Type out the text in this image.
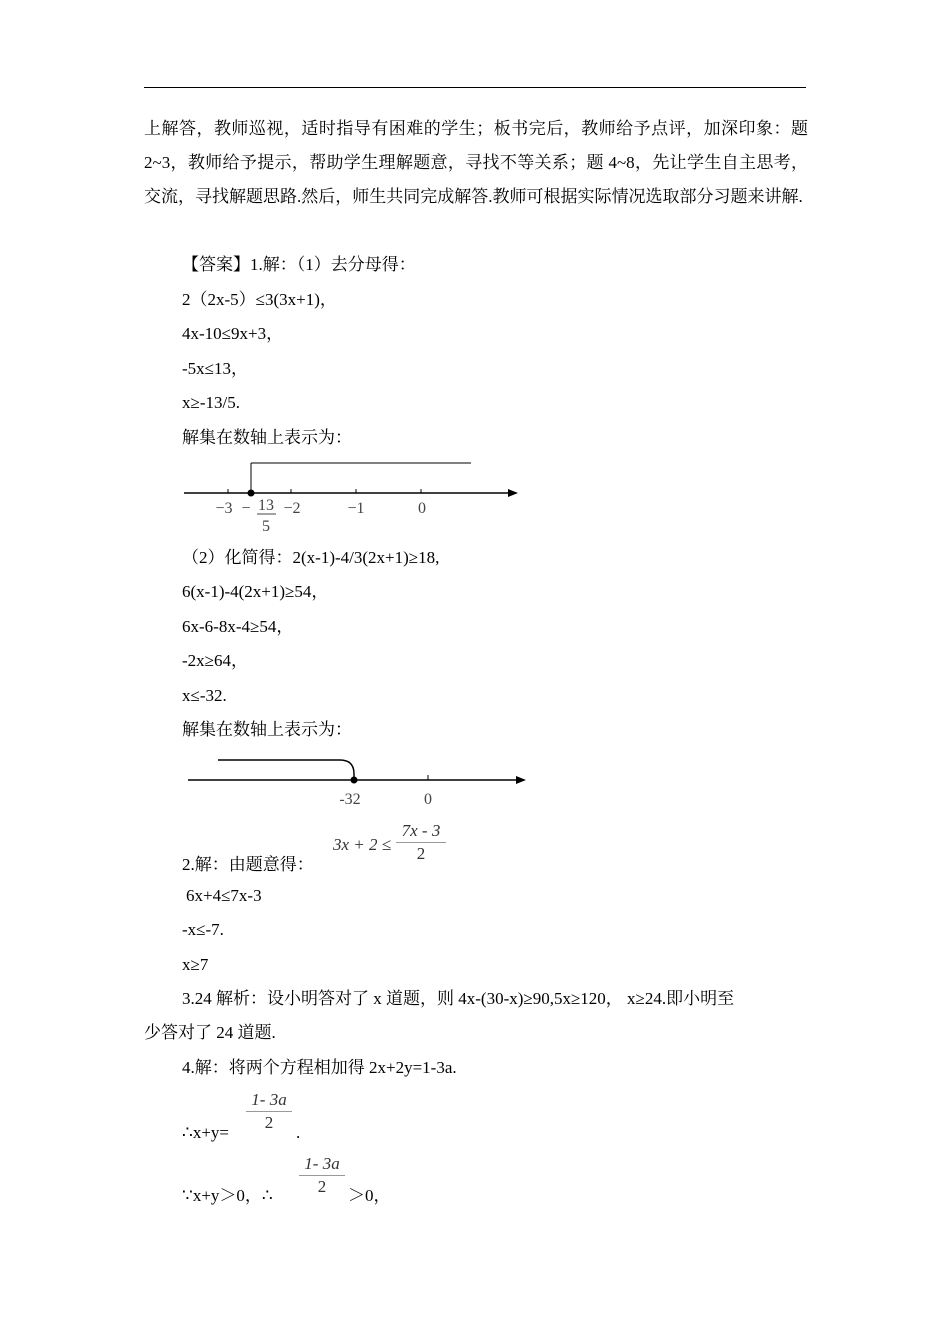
上解答，教师巡视，适时指导有困难的学生；板书完后，教师给予点评，加深印象：题 2~3，教师给予提示，帮助学生理解题意，寻找不等关系；题 4~8，先让学生自主思考，交流，寻找解题思路.然后，师生共同完成解答.教师可根据实际情况选取部分习题来讲解.
【答案】1.解：（1）去分母得：
2（2x-5）≤3(3x+1)，
4x-10≤9x+3，
-5x≤13，
x≥-13/5.
解集在数轴上表示为：
−3 − 13
5
−2	−1	0
（2）化简得：2(x-1)-4/3(2x+1)≥18,
6(x-1)-4(2x+1)≥54，
6x-6-8x-4≥54，
-2x≥64，
x≤-32.
解集在数轴上表示为：
-32	0
2.解：由题意得：
$3x + 2 \le \frac{7x - 3}{2}$
6x+4≤7x-3
-x≤-7.
x≥7
3.24 解析：设小明答对了 x 道题，则 4x-(30-x)≥90,5x≥120， x≥24.即小明至
少答对了 24 道题.
4.解：将两个方程相加得 2x+2y=1-3a.
∴x+y= $\frac{1- 3a}{2}$ .
∵x+y＞0，∴ $\frac{1- 3a}{2} >0$，
